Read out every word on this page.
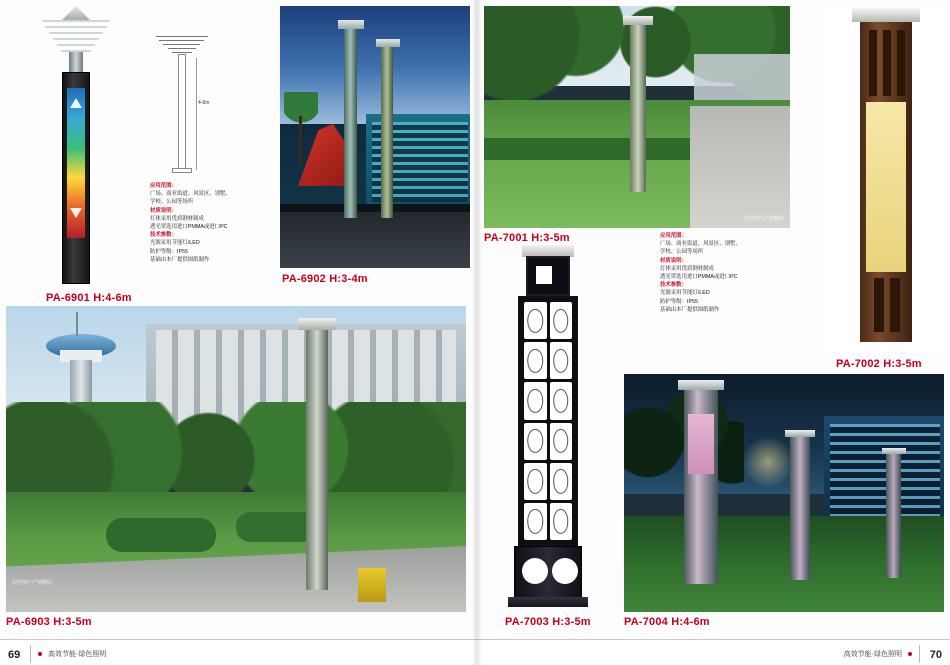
PA-6901 H:4-6m
4-6m
应用范围：
广场、商业街道、风景区、别墅、
学校、公园等场所
材质说明：
灯体采用优质钢材制成
透光罩选用进口PMMA或进口PC
技术参数：
光源采用节能灯/LED
防护等级：IP55
基础由本厂提供图纸制作
PA-6902 H:3-4m
原创图片严禁翻印
PA-6903 H:3-5m
原创图片严禁翻印
PA-7001 H:3-5m
PA-7002 H:3-5m
应用范围：
广场、商业街道、风景区、别墅、
学校、公园等场所
材质说明：
灯体采用优质钢材制成
透光罩选用进口PMMA或进口PC
技术参数：
光源采用节能灯/LED
防护等级：IP55
基础由本厂提供图纸制作
PA-7003 H:3-5m	PA-7004 H:4-6m
69	高效节能·绿色照明	高效节能·绿色照明	70
